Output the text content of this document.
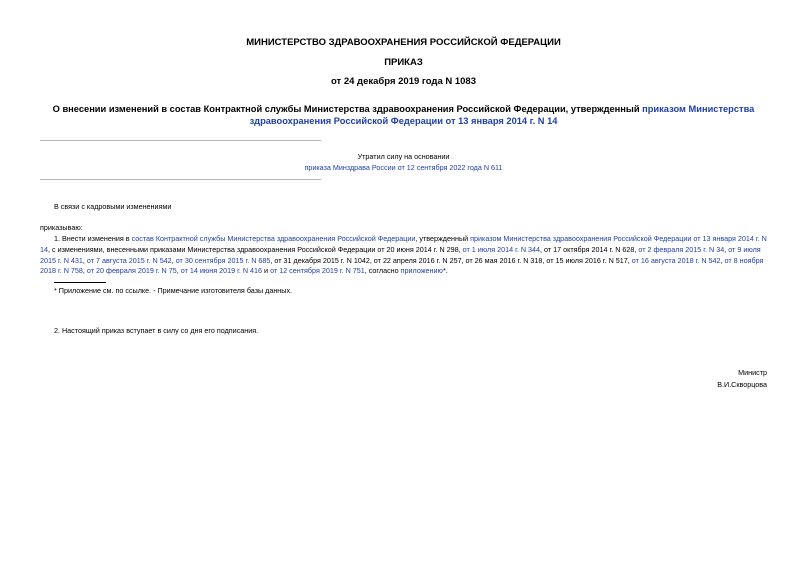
МИНИСТЕРСТВО ЗДРАВООХРАНЕНИЯ РОССИЙСКОЙ ФЕДЕРАЦИИ
ПРИКАЗ
от 24 декабря 2019 года N 1083
О внесении изменений в состав Контрактной службы Министерства здравоохранения Российской Федерации, утвержденный приказом Министерства здравоохранения Российской Федерации от 13 января 2014 г. N 14
Утратил силу на основании
приказа Минздрава России от 12 сентября 2022 года N 611
В связи с кадровыми изменениями
приказываю:
1. Внести изменения в состав Контрактной службы Министерства здравоохранения Российской Федерации, утвержденный приказом Министерства здравоохранения Российской Федерации от 13 января 2014 г. N 14, с изменениями, внесенными приказами Министерства здравоохранения Российской Федерации от 20 июня 2014 г. N 298, от 1 июля 2014 г. N 344, от 17 октября 2014 г. N 628, от 2 февраля 2015 г. N 34, от 9 июля 2015 г. N 431, от 7 августа 2015 г. N 542, от 30 сентября 2015 г. N 685, от 31 декабря 2015 г. N 1042, от 22 апреля 2016 г. N 257, от 26 мая 2016 г. N 318, от 15 июля 2016 г. N 517, от 16 августа 2018 г. N 542, от 8 ноября 2018 г. N 758, от 20 февраля 2019 г. N 75, от 14 июня 2019 г. N 416 и от 12 сентября 2019 г. N 751, согласно приложению*.
* Приложение см. по ссылке. - Примечание изготовителя базы данных.
2. Настоящий приказ вступает в силу со дня его подписания.
Министр
В.И.Скворцова
